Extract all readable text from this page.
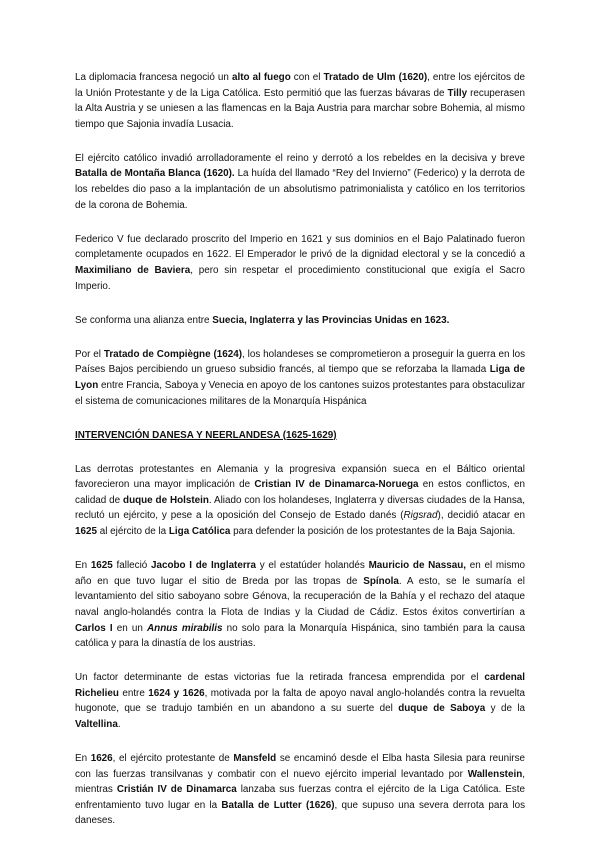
La diplomacia francesa negoció un alto al fuego con el Tratado de Ulm (1620), entre los ejércitos de la Unión Protestante y de la Liga Católica. Esto permitió que las fuerzas bávaras de Tilly recuperasen la Alta Austria y se uniesen a las flamencas en la Baja Austria para marchar sobre Bohemia, al mismo tiempo que Sajonia invadía Lusacia.

El ejército católico invadió arrolladoramente el reino y derrotó a los rebeldes en la decisiva y breve Batalla de Montaña Blanca (1620). La huída del llamado “Rey del Invierno” (Federico) y la derrota de los rebeldes dio paso a la implantación de un absolutismo patrimonialista y católico en los territorios de la corona de Bohemia.

Federico V fue declarado proscrito del Imperio en 1621 y sus dominios en el Bajo Palatinado fueron completamente ocupados en 1622. El Emperador le privó de la dignidad electoral y se la concedió a Maximiliano de Baviera, pero sin respetar el procedimiento constitucional que exigía el Sacro Imperio.

Se conforma una alianza entre Suecia, Inglaterra y las Provincias Unidas en 1623.

Por el Tratado de Compiègne (1624), los holandeses se comprometieron a proseguir la guerra en los Países Bajos percibiendo un grueso subsidio francés, al tiempo que se reforzaba la llamada Liga de Lyon entre Francia, Saboya y Venecia en apoyo de los cantones suizos protestantes para obstaculizar el sistema de comunicaciones militares de la Monarquía Hispánica

INTERVENCIÓN DANESA Y NEERLANDESA (1625-1629)

Las derrotas protestantes en Alemania y la progresiva expansión sueca en el Báltico oriental favorecieron una mayor implicación de Cristian IV de Dinamarca-Noruega en estos conflictos, en calidad de duque de Holstein. Aliado con los holandeses, Inglaterra y diversas ciudades de la Hansa, reclutó un ejército, y pese a la oposición del Consejo de Estado danés (Rigsrad), decidió atacar en 1625 al ejército de la Liga Católica para defender la posición de los protestantes de la Baja Sajonia.

En 1625 falleció Jacobo I de Inglaterra y el estatúder holandés Mauricio de Nassau, en el mismo año en que tuvo lugar el sitio de Breda por las tropas de Spínola. A esto, se le sumaría el levantamiento del sitio saboyano sobre Génova, la recuperación de la Bahía y el rechazo del ataque naval anglo-holandés contra la Flota de Indias y la Ciudad de Cádiz. Estos éxitos convertirían a Carlos I en un Annus mirabilis no solo para la Monarquía Hispánica, sino también para la causa católica y para la dinastía de los austrias.

Un factor determinante de estas victorias fue la retirada francesa emprendida por el cardenal Richelieu entre 1624 y 1626, motivada por la falta de apoyo naval anglo-holandés contra la revuelta hugonote, que se tradujo también en un abandono a su suerte del duque de Saboya y de la Valtellina.

En 1626, el ejército protestante de Mansfeld se encaminó desde el Elba hasta Silesia para reunirse con las fuerzas transilvanas y combatir con el nuevo ejército imperial levantado por Wallenstein, mientras Cristián IV de Dinamarca lanzaba sus fuerzas contra el ejército de la Liga Católica. Este enfrentamiento tuvo lugar en la Batalla de Lutter (1626), que supuso una severa derrota para los daneses.
